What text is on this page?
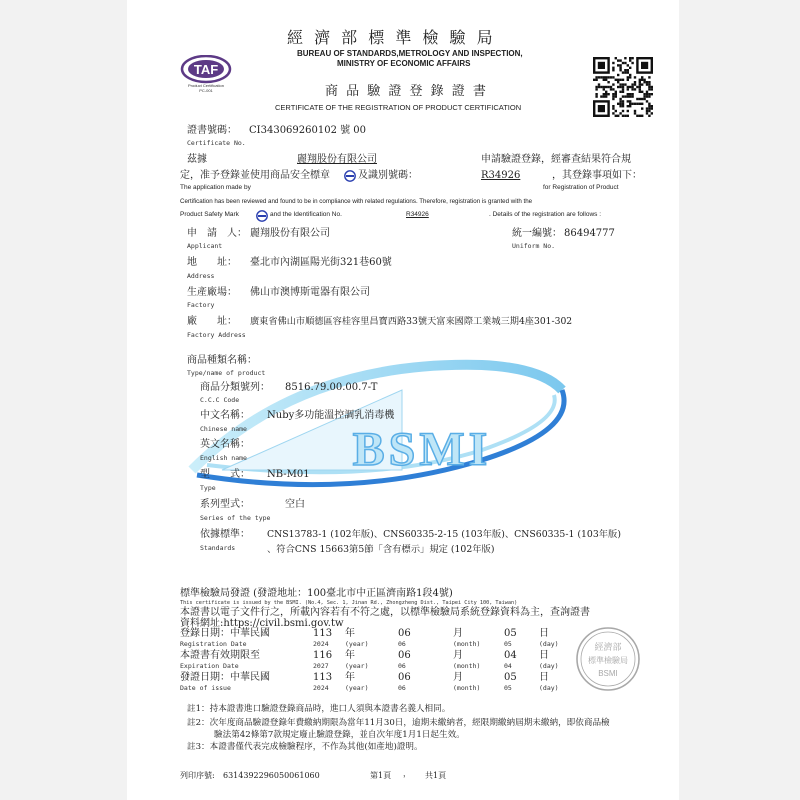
經 濟 部 標 準 檢 驗 局
BUREAU OF STANDARDS,METROLOGY AND INSPECTION,
MINISTRY OF ECONOMIC AFFAIRS
TAF
Product Certification
PC-001	商 品 驗 證 登 錄 證 書
CERTIFICATE OF THE REGISTRATION OF PRODUCT CERTIFICATION
證書號碼： CI343069260102 號 00
Certificate No.
茲據	麗翔股份有限公司	申請驗證登錄，經審查結果符合規
定，准予登錄並使用商品安全標章	及識別號碼：	R34926	，其登錄事項如下：
The application made by	for Registration of Product
Certification has been reviewed and found to be in compliance with related regulations. Therefore, registration is granted with the
Product Safety Mark	and the Identification No.	R34926	. Details of the registration are follows :
申　請　人： 麗翔股份有限公司
Applicant
統一編號： 86494777
Uniform No.
地　　址： 臺北市內湖區陽光街321巷60號
Address
生產廠場： 佛山市澳博斯電器有限公司
Factory
廠　　址： 廣東省佛山市順德區容桂容里昌寶西路33號天富來國際工業城三期4座301-302
Factory Address
BSMI
商品種類名稱：
Type/name of product
商品分類號列： 8516.79.00.00.7-T
C.C.C Code
中文名稱： Nuby多功能溫控調乳消毒機
Chinese name
英文名稱：
English name
型　　式： NB-M01
Type
系列型式：	空白
Series of the type
依據標準： CNS13783-1 (102年版)、CNS60335-2-15 (103年版)、CNS60335-1 (103年版)
、符合CNS 15663第5節「含有標示」規定 (102年版)
Standards
標準檢驗局發證 (發證地址：100臺北市中正區濟南路1段4號)
This certificate is issued by the BSMI. (No.4, Sec. 1, Jinan Rd., Zhongzheng Dist., Taipei City 100, Taiwan)
本證書以電子文件行之，所載內容若有不符之處，以標準檢驗局系統登錄資料為主，查詢證書
資料網址:https://civil.bsmi.gov.tw
登錄日期：中華民國	113 年	06	月	05 日
Registration Date	2024	(year)	06	(month)	05	(day)
本證書有效期限至	116 年	06	月	04 日
Expiration Date	2027	(year)	06	(month)	04	(day)
發證日期：中華民國	113 年	06	月	05 日
Date of issue	2024	(year)	06	(month)	05	(day)
經濟部
標準檢驗局
BSMI
註1：持本證書進口驗證登錄商品時，進口人須與本證書名義人相同。
註2：次年度商品驗證登錄年費繳納期限為當年11月30日，逾期未繳納者，經限期繳納屆期未繳納，即依商品檢
驗法第42條第7款規定廢止驗證登錄，並自次年度1月1日起生效。
註3：本證書僅代表完成檢驗程序，不作為其他(如產地)證明。
列印序號: 6314392296050061060	第1頁 ， 共1頁
